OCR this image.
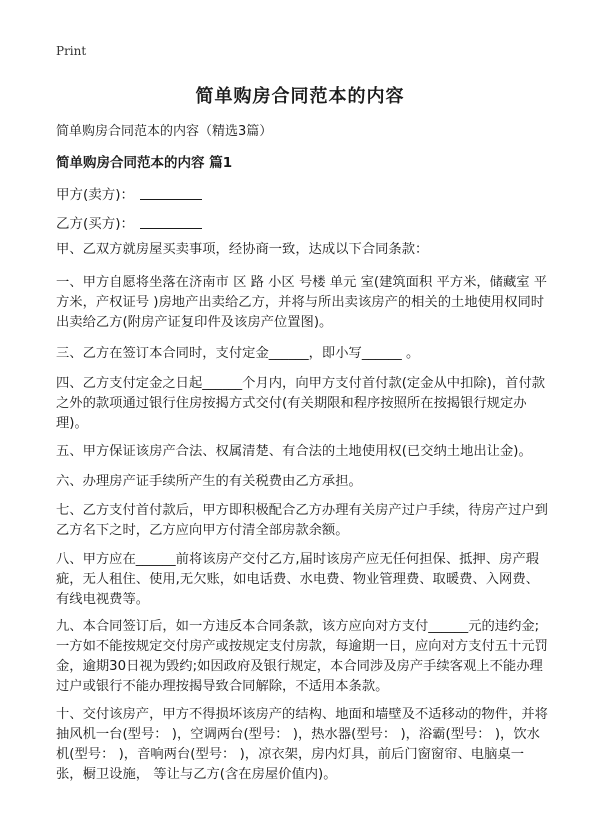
Print
简单购房合同范本的内容
简单购房合同范本的内容（精选3篇）
简单购房合同范本的内容 篇1
甲方(卖方)：
乙方(买方)：
甲、乙双方就房屋买卖事项，经协商一致，达成以下合同条款：
一、甲方自愿将坐落在济南市 区 路 小区 号楼 单元 室(建筑面积 平方米，储藏室 平方米，产权证号 )房地产出卖给乙方，并将与所出卖该房产的相关的土地使用权同时出卖给乙方(附房产证复印件及该房产位置图)。
三、乙方在签订本合同时，支付定金______，即小写______ 。
四、乙方支付定金之日起______个月内，向甲方支付首付款(定金从中扣除)，首付款之外的款项通过银行住房按揭方式交付(有关期限和程序按照所在按揭银行规定办理)。
五、甲方保证该房产合法、权属清楚、有合法的土地使用权(已交纳土地出让金)。
六、办理房产证手续所产生的有关税费由乙方承担。
七、乙方支付首付款后，甲方即积极配合乙方办理有关房产过户手续，待房产过户到乙方名下之时，乙方应向甲方付清全部房款余额。
八、甲方应在______前将该房产交付乙方,届时该房产应无任何担保、抵押、房产瑕疵，无人租住、使用,无欠账，如电话费、水电费、物业管理费、取暖费、入网费、有线电视费等。
九、本合同签订后，如一方违反本合同条款，该方应向对方支付______元的违约金;一方如不能按规定交付房产或按规定支付房款，每逾期一日，应向对方支付五十元罚金，逾期30日视为毁约;如因政府及银行规定，本合同涉及房产手续客观上不能办理过户或银行不能办理按揭导致合同解除，不适用本条款。
十、交付该房产，甲方不得损坏该房产的结构、地面和墙壁及不适移动的物件，并将抽风机一台(型号： )，空调两台(型号： )，热水器(型号： )，浴霸(型号： )，饮水机(型号： )，音响两台(型号： )，凉衣架，房内灯具，前后门窗窗帘、电脑桌一张，橱卫设施， 等让与乙方(含在房屋价值内)。
